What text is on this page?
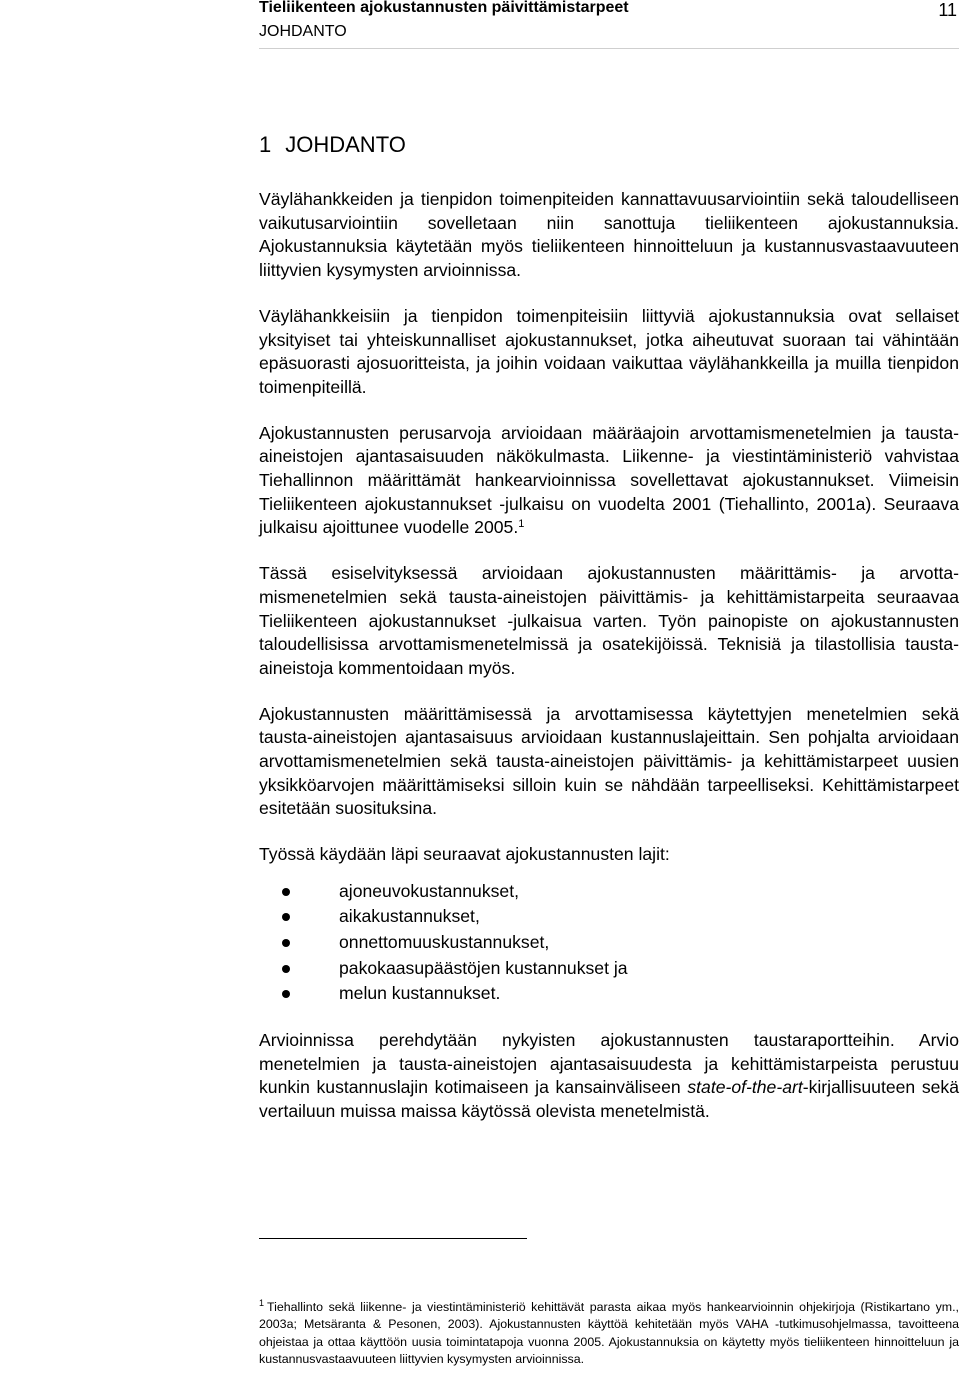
Tieliikenteen ajokustannusten päivittämistarpeet
JOHDANTO
11
1 JOHDANTO

Väylähankkeiden ja tienpidon toimenpiteiden kannattavuusarviointiin sekä taloudelliseen vaikutusarviointiin sovelletaan niin sanottuja tieliikenteen ajokustannuksia. Ajokustannuksia käytetään myös tieliikenteen hinnoitteluun ja kustannusvastaavuuteen liittyvien kysymysten arvioinnissa.

Väylähankkeisiin ja tienpidon toimenpiteisiin liittyviä ajokustannuksia ovat sellaiset yksityiset tai yhteiskunnalliset ajokustannukset, jotka aiheutuvat suoraan tai vähintään epäsuorasti ajosuoritteista, ja joihin voidaan vaikuttaa väylähankkeilla ja muilla tienpidon toimenpiteillä.

Ajokustannusten perusarvoja arvioidaan määräajoin arvottamismenetelmien ja tausta-aineistojen ajantasaisuuden näkökulmasta. Liikenne- ja viestintäministeriö vahvistaa Tiehallinnon määrittämät hankearvioinnissa sovellettavat ajokustannukset. Viimeisin Tieliikenteen ajokustannukset -julkaisu on vuodelta 2001 (Tiehallinto, 2001a). Seuraava julkaisu ajoittunee vuodelle 2005.$^1$

Tässä esiselvityksessä arvioidaan ajokustannusten määrittämis- ja arvottamismenetelmien sekä tausta-aineistojen päivittämis- ja kehittämistarpeita seuraavaa Tieliikenteen ajokustannukset -julkaisua varten. Työn painopiste on ajokustannusten taloudellisissa arvottamismenetelmissä ja osatekijöissä. Teknisiä ja tilastollisia tausta-aineistoja kommentoidaan myös.

Ajokustannusten määrittämisessä ja arvottamisessa käytettyjen menetelmien sekä tausta-aineistojen ajantasaisuus arvioidaan kustannuslajeittain. Sen pohjalta arvioidaan arvottamismenetelmien sekä tausta-aineistojen päivittämis- ja kehittämistarpeet uusien yksikköarvojen määrittämiseksi silloin kuin se nähdään tarpeelliseksi. Kehittämistarpeet esitetään suosituksina.

Työssä käydään läpi seuraavat ajokustannusten lajit:

ajoneuvokustannukset,
aikakustannukset,
onnettomuuskustannukset,
pakokaasupäästöjen kustannukset ja
melun kustannukset.

Arvioinnissa perehdytään nykyisten ajokustannusten taustaraportteihin. Arvio menetelmien ja tausta-aineistojen ajantasaisuudesta ja kehittämistarpeista perustuu kunkin kustannuslajin kotimaiseen ja kansainväliseen state-of-the-art-kirjallisuuteen sekä vertailuun muissa maissa käytössä olevista menetelmistä.

$^1$ Tiehallinto sekä liikenne- ja viestintäministeriö kehittävät parasta aikaa myös hankearvioinnin ohjekirjoja (Ristikartano ym., 2003a; Metsäranta & Pesonen, 2003). Ajokustannusten käyttöä kehitetään myös VAHA -tutkimusohjelmassa, tavoitteena ohjeistaa ja ottaa käyttöön uusia toimintatapoja vuonna 2005. Ajokustannuksia on käytetty myös tieliikenteen hinnoitteluun ja kustannusvastaavuuteen liittyvien kysymysten arvioinnissa.
